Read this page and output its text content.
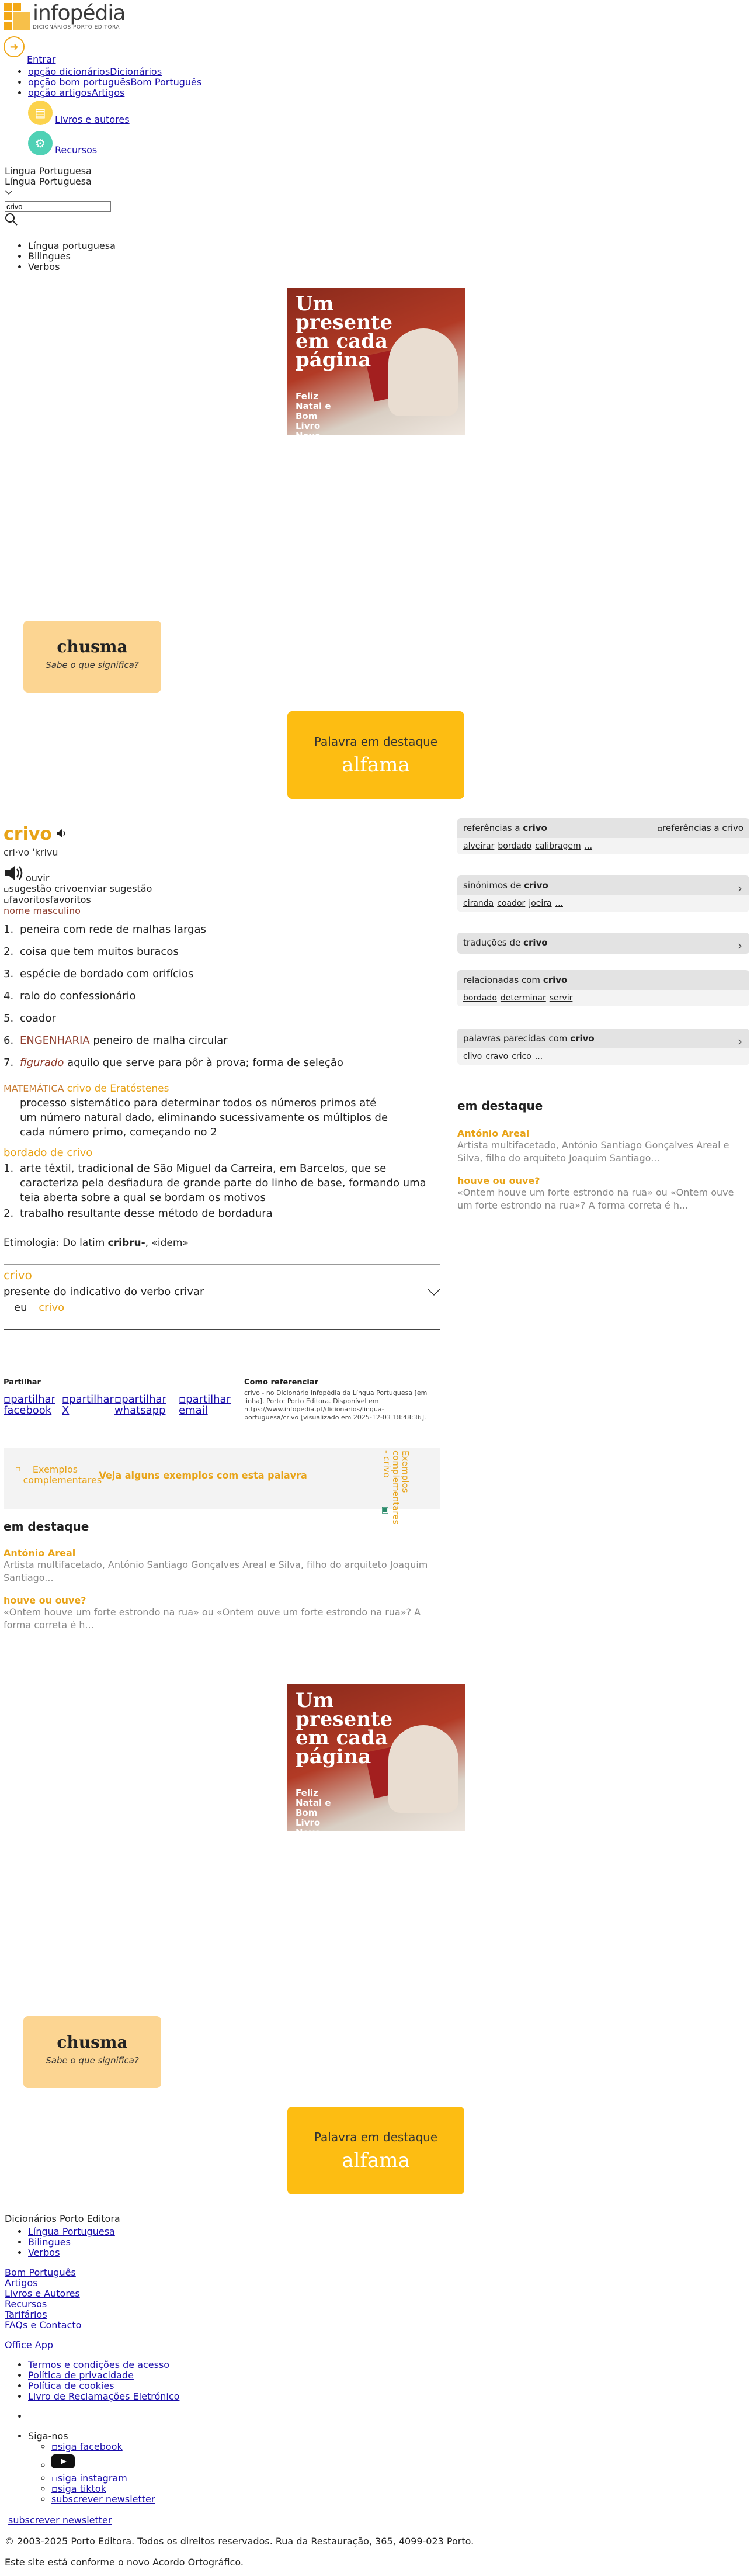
infopédia
DICIONÁRIOS PORTO EDITORA
➜
Entrar
• opção dicionáriosDicionários
• opção bom portuguêsBom Português
• opção artigosArtigos
▤ Livros e autores
⚙	Recursos
Língua Portuguesa
Língua Portuguesa
crivo
• Língua portuguesa
• Bilingues
• Verbos
Um presente em cada página
Feliz Natal e Bom Livro Novo
chusma
Sabe o que significa?
Palavra em destaque
alfama
crivo
cri·vo ˈkrivu
ouvir
▫sugestão crivoenviar sugestão
▫favoritosfavoritos
nome masculino
1. peneira com rede de malhas largas
2. coisa que tem muitos buracos
3. espécie de bordado com orifícios
4. ralo do confessionário
5. coador
6. ENGENHARIA peneiro de malha circular
7. figurado aquilo que serve para pôr à prova; forma de seleção
MATEMÁTICA crivo de Eratóstenes
processo sistemático para determinar todos os números primos até um número natural dado, eliminando sucessivamente os múltiplos de cada número primo, começando no 2
bordado de crivo
1. arte têxtil, tradicional de São Miguel da Carreira, em Barcelos, que se caracteriza pela desfiadura de grande parte do linho de base, formando uma teia aberta sobre a qual se bordam os motivos
2. trabalho resultante desse método de bordadura
Etimologia: Do latim cribru-, «idem»
crivo
presente do indicativo do verbo crivar
eu crivo
Partilhar
▫partilhar facebook
▫partilhar X
▫partilhar whatsapp
▫partilhar email
Como referenciar
crivo - no Dicionário infopédia da Língua Portuguesa [em linha]. Porto: Porto Editora. Disponível em https://www.infopedia.pt/dicionarios/lingua-portuguesa/crivo [visualizado em 2025-12-03 18:48:36].
▫	Exemplos complementares
Veja alguns exemplos com esta palavra	Exemplos complementares - crivo
▣
em destaque
António Areal
Artista multifacetado, António Santiago Gonçalves Areal e Silva, filho do arquiteto Joaquim Santiago...
houve ou ouve?
«Ontem houve um forte estrondo na rua» ou «Ontem ouve um forte estrondo na rua»? A forma correta é h...
referências a crivo	▫referências a crivo
alveirar bordado calibragem ...
sinónimos de crivo	›
ciranda coador joeira ...
traduções de crivo	›
relacionadas com crivo
bordado determinar servir
palavras parecidas com crivo	›
clivo cravo crico ...
em destaque
António Areal
Artista multifacetado, António Santiago Gonçalves Areal e Silva, filho do arquiteto Joaquim Santiago...
houve ou ouve?
«Ontem houve um forte estrondo na rua» ou «Ontem ouve um forte estrondo na rua»? A forma correta é h...
Um presente em cada página
Feliz Natal e Bom Livro Novo
chusma
Sabe o que significa?
Palavra em destaque
alfama
Dicionários Porto Editora
• Língua Portuguesa
• Bilingues
• Verbos
Bom Português
Artigos
Livros e Autores
Recursos
Tarifários
FAQs e Contacto
Office App
• Termos e condições de acesso
• Política de privacidade
• Política de cookies
• Livro de Reclamações Eletrónico
•
• Siga-nos
◦ ▫siga facebook
◦
◦ ▫siga instagram
◦ ▫siga tiktok
◦ subscrever newsletter
subscrever newsletter
© 2003-2025 Porto Editora. Todos os direitos reservados. Rua da Restauração, 365, 4099-023 Porto.
Este site está conforme o novo Acordo Ortográfico.
